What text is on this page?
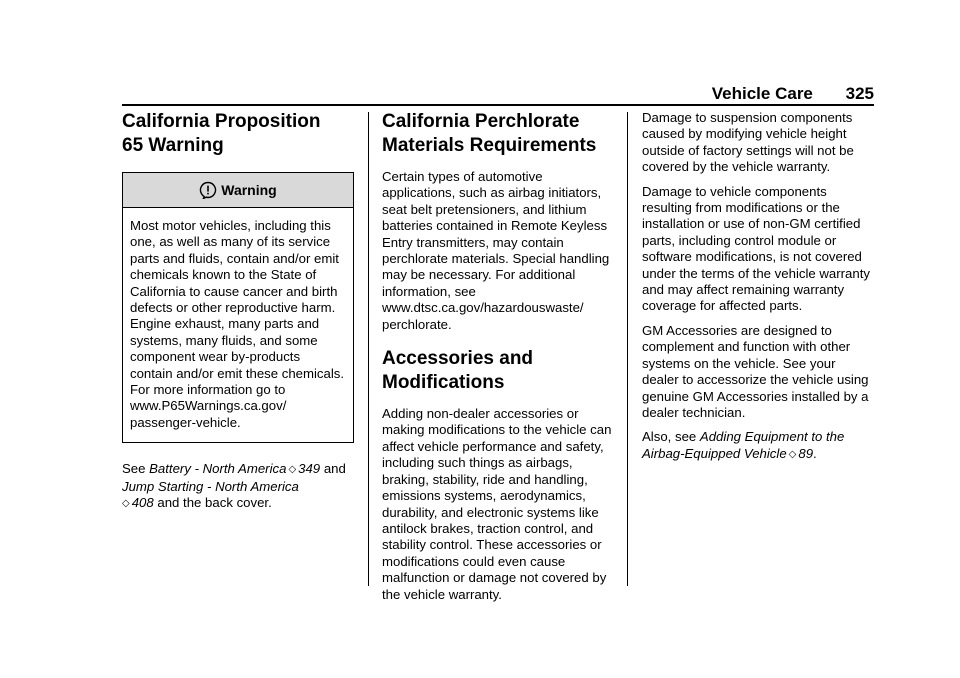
Vehicle Care 325
California Proposition
65 Warning
Warning
Most motor vehicles, including this one, as well as many of its service parts and fluids, contain and/or emit chemicals known to the State of California to cause cancer and birth defects or other reproductive harm. Engine exhaust, many parts and systems, many fluids, and some component wear by-products contain and/or emit these chemicals. For more information go to www.P65Warnings.ca.gov/ passenger-vehicle.

See Battery - North America ◇ 349 and Jump Starting - North America
◇ 408 and the back cover.

California Perchlorate
Materials Requirements

Certain types of automotive applications, such as airbag initiators, seat belt pretensioners, and lithium batteries contained in Remote Keyless Entry transmitters, may contain perchlorate materials. Special handling may be necessary. For additional information, see www.dtsc.ca.gov/hazardouswaste/ perchlorate.

Accessories and
Modifications

Adding non-dealer accessories or making modifications to the vehicle can affect vehicle performance and safety, including such things as airbags, braking, stability, ride and handling, emissions systems, aerodynamics, durability, and electronic systems like antilock brakes, traction control, and stability control. These accessories or modifications could even cause malfunction or damage not covered by the vehicle warranty.

Damage to suspension components caused by modifying vehicle height outside of factory settings will not be covered by the vehicle warranty.

Damage to vehicle components resulting from modifications or the installation or use of non-GM certified parts, including control module or software modifications, is not covered under the terms of the vehicle warranty and may affect remaining warranty coverage for affected parts.

GM Accessories are designed to complement and function with other systems on the vehicle. See your dealer to accessorize the vehicle using genuine GM Accessories installed by a dealer technician.

Also, see Adding Equipment to the Airbag-Equipped Vehicle ◇ 89.
